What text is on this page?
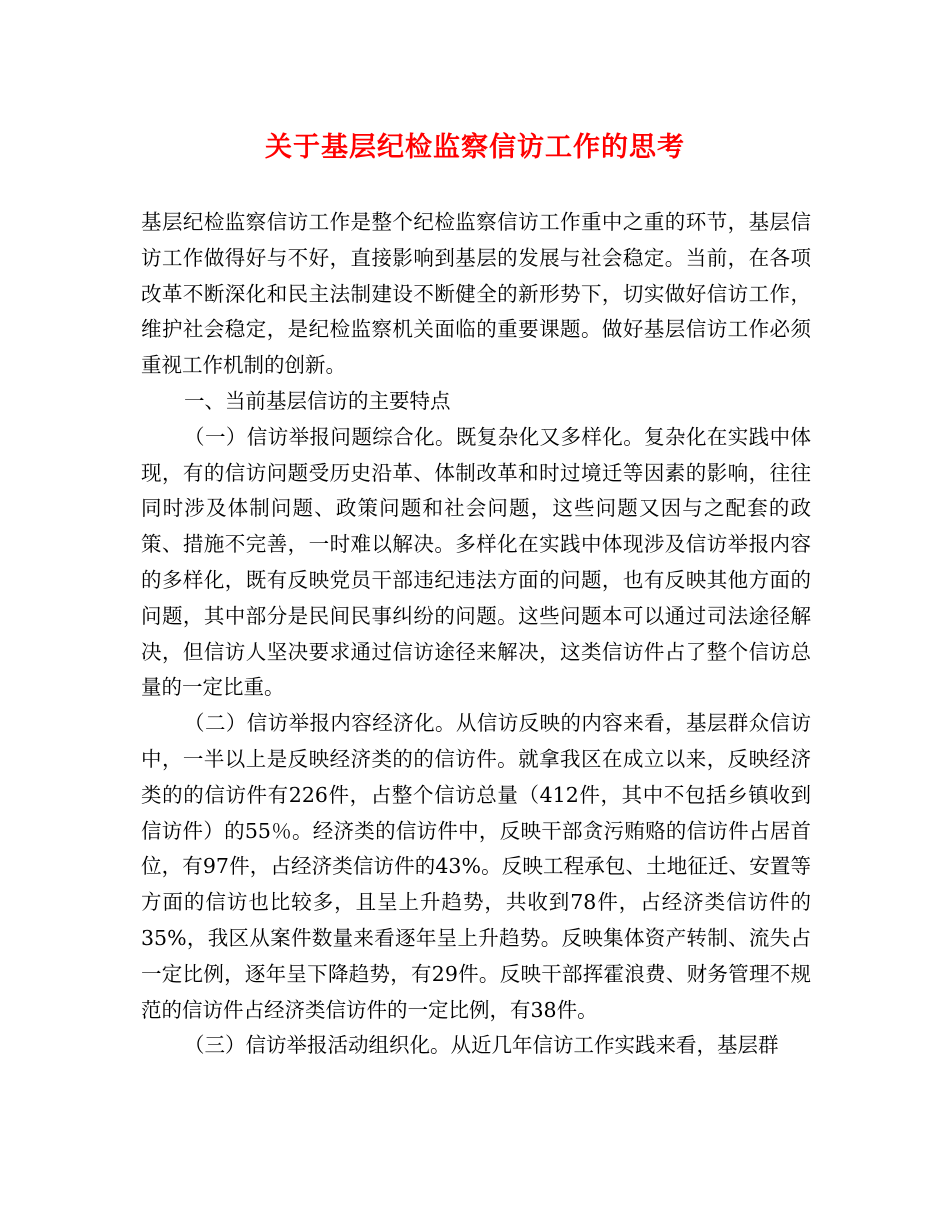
关于基层纪检监察信访工作的思考

基层纪检监察信访工作是整个纪检监察信访工作重中之重的环节，基层信访工作做得好与不好，直接影响到基层的发展与社会稳定。当前，在各项改革不断深化和民主法制建设不断健全的新形势下，切实做好信访工作，维护社会稳定，是纪检监察机关面临的重要课题。做好基层信访工作必须重视工作机制的创新。

一、当前基层信访的主要特点

（一）信访举报问题综合化。既复杂化又多样化。复杂化在实践中体现，有的信访问题受历史沿革、体制改革和时过境迁等因素的影响，往往同时涉及体制问题、政策问题和社会问题，这些问题又因与之配套的政策、措施不完善，一时难以解决。多样化在实践中体现涉及信访举报内容的多样化，既有反映党员干部违纪违法方面的问题，也有反映其他方面的问题，其中部分是民间民事纠纷的问题。这些问题本可以通过司法途径解决，但信访人坚决要求通过信访途径来解决，这类信访件占了整个信访总量的一定比重。

（二）信访举报内容经济化。从信访反映的内容来看，基层群众信访中，一半以上是反映经济类的的信访件。就拿我区在成立以来，反映经济类的的信访件有226件，占整个信访总量（412件，其中不包括乡镇收到信访件）的55％。经济类的信访件中，反映干部贪污贿赂的信访件占居首位，有97件，占经济类信访件的43%。反映工程承包、土地征迁、安置等方面的信访也比较多，且呈上升趋势，共收到78件，占经济类信访件的35%，我区从案件数量来看逐年呈上升趋势。反映集体资产转制、流失占一定比例，逐年呈下降趋势，有29件。反映干部挥霍浪费、财务管理不规范的信访件占经济类信访件的一定比例，有38件。

（三）信访举报活动组织化。从近几年信访工作实践来看，基层群
